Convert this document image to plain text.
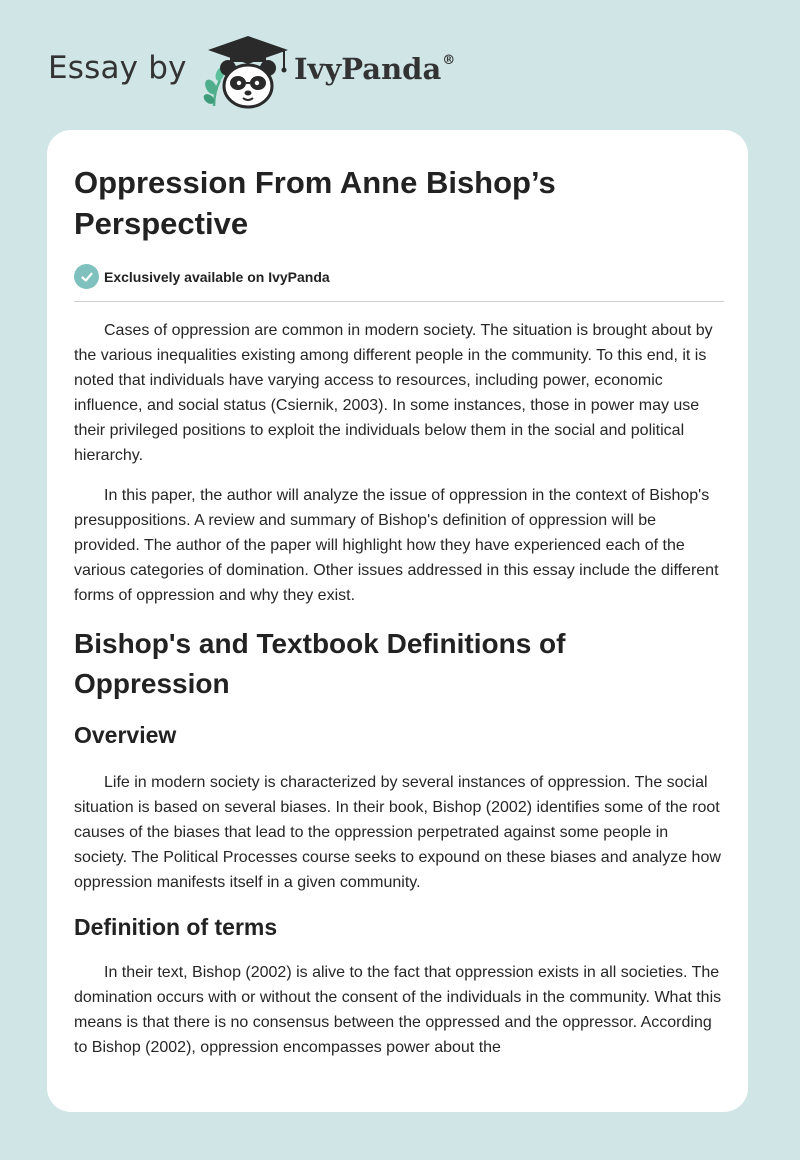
Essay by	IvyPanda®
Oppression From Anne Bishop’s Perspective
Exclusively available on IvyPanda

Cases of oppression are common in modern society. The situation is brought about by the various inequalities existing among different people in the community. To this end, it is noted that individuals have varying access to resources, including power, economic influence, and social status (Csiernik, 2003). In some instances, those in power may use their privileged positions to exploit the individuals below them in the social and political hierarchy.

In this paper, the author will analyze the issue of oppression in the context of Bishop's presuppositions. A review and summary of Bishop's definition of oppression will be provided. The author of the paper will highlight how they have experienced each of the various categories of domination. Other issues addressed in this essay include the different forms of oppression and why they exist.

Bishop's and Textbook Definitions of Oppression
Overview

Life in modern society is characterized by several instances of oppression. The social situation is based on several biases. In their book, Bishop (2002) identifies some of the root causes of the biases that lead to the oppression perpetrated against some people in society. The Political Processes course seeks to expound on these biases and analyze how oppression manifests itself in a given community.

Definition of terms

In their text, Bishop (2002) is alive to the fact that oppression exists in all societies. The domination occurs with or without the consent of the individuals in the community. What this means is that there is no consensus between the oppressed and the oppressor. According to Bishop (2002), oppression encompasses power about the
